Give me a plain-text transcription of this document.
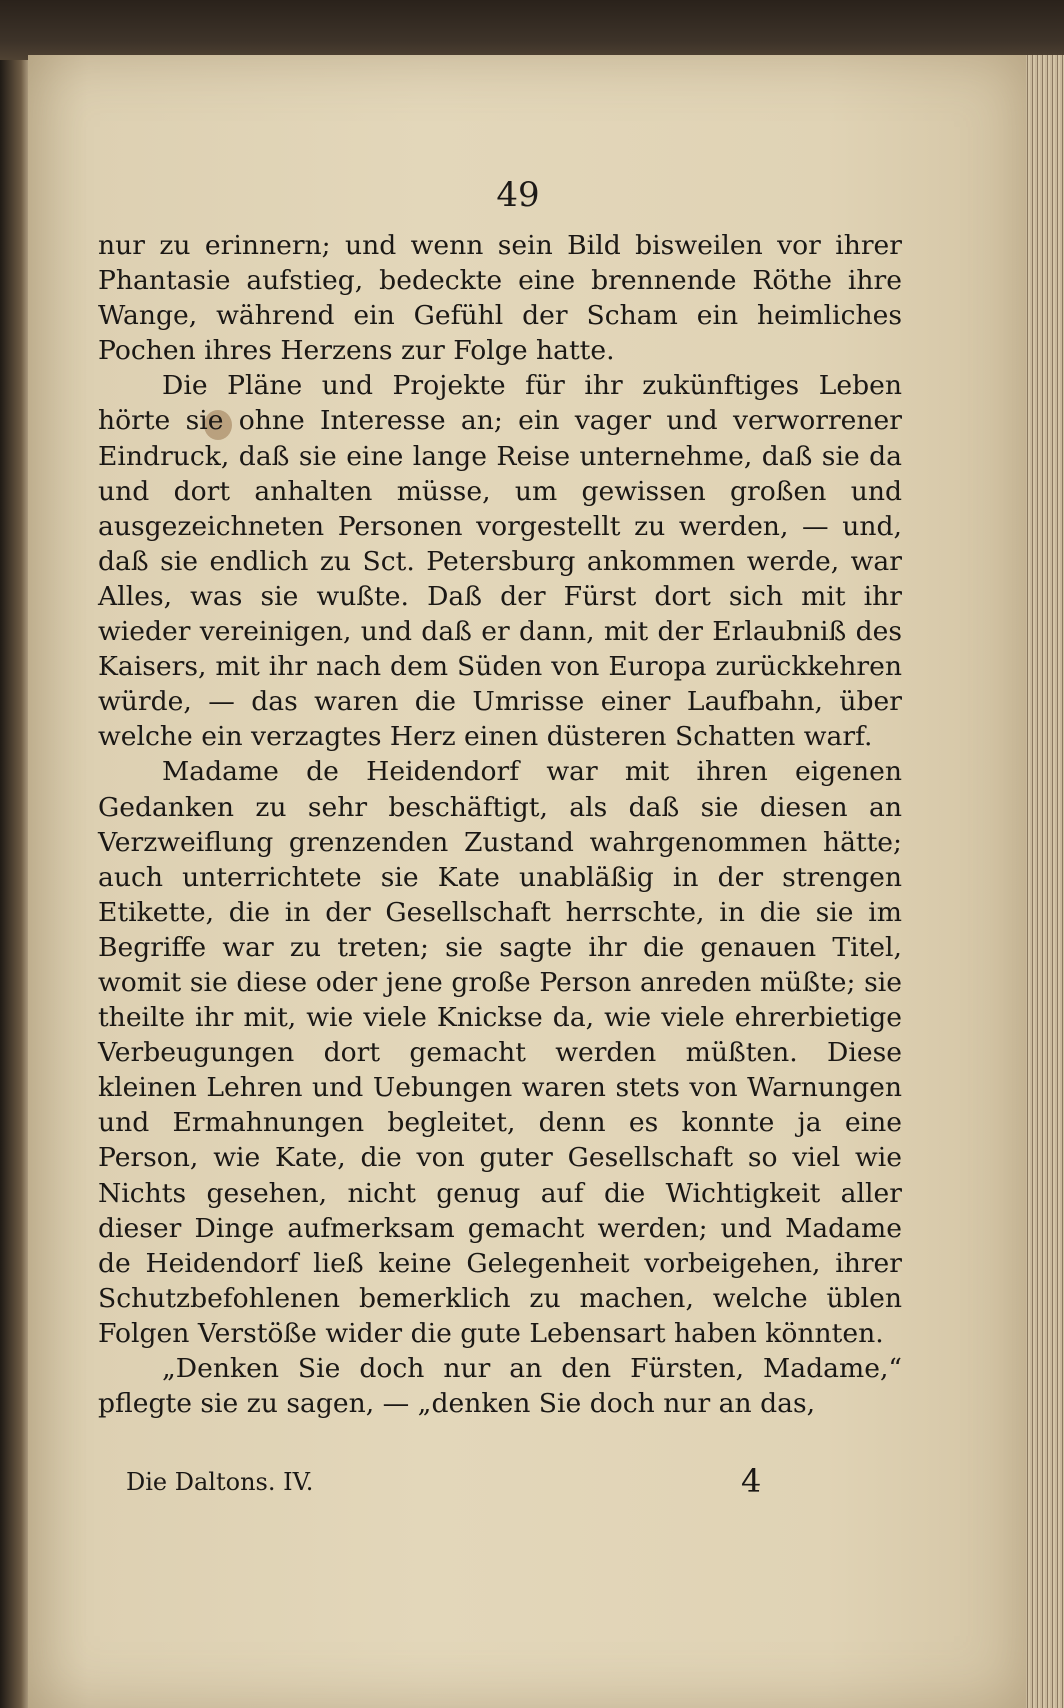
49

nur zu erinnern; und wenn sein Bild bisweilen vor ihrer Phantasie aufstieg, bedeckte eine brennende Röthe ihre Wange, während ein Gefühl der Scham ein heimliches Pochen ihres Herzens zur Folge hatte.

Die Pläne und Projekte für ihr zukünftiges Leben hörte sie ohne Interesse an; ein vager und verworrener Eindruck, daß sie eine lange Reise unternehme, daß sie da und dort anhalten müsse, um gewissen großen und ausgezeichneten Personen vorgestellt zu werden, — und, daß sie endlich zu Sct. Petersburg ankommen werde, war Alles, was sie wußte. Daß der Fürst dort sich mit ihr wieder vereinigen, und daß er dann, mit der Erlaubniß des Kaisers, mit ihr nach dem Süden von Europa zurückkehren würde, — das waren die Umrisse einer Laufbahn, über welche ein verzagtes Herz einen düsteren Schatten warf.

Madame de Heidendorf war mit ihren eigenen Gedanken zu sehr beschäftigt, als daß sie diesen an Verzweiflung grenzenden Zustand wahrgenommen hätte; auch unterrichtete sie Kate unabläßig in der strengen Etikette, die in der Gesellschaft herrschte, in die sie im Begriffe war zu treten; sie sagte ihr die genauen Titel, womit sie diese oder jene große Person anreden müßte; sie theilte ihr mit, wie viele Knickse da, wie viele ehrerbietige Verbeugungen dort gemacht werden müßten. Diese kleinen Lehren und Uebungen waren stets von Warnungen und Ermahnungen begleitet, denn es konnte ja eine Person, wie Kate, die von guter Gesellschaft so viel wie Nichts gesehen, nicht genug auf die Wichtigkeit aller dieser Dinge aufmerksam gemacht werden; und Madame de Heidendorf ließ keine Gelegenheit vorbeigehen, ihrer Schutzbefohlenen bemerklich zu machen, welche üblen Folgen Verstöße wider die gute Lebensart haben könnten.

„Denken Sie doch nur an den Fürsten, Madame,“ pflegte sie zu sagen, — „denken Sie doch nur an das,

Die Daltons. IV.	4
